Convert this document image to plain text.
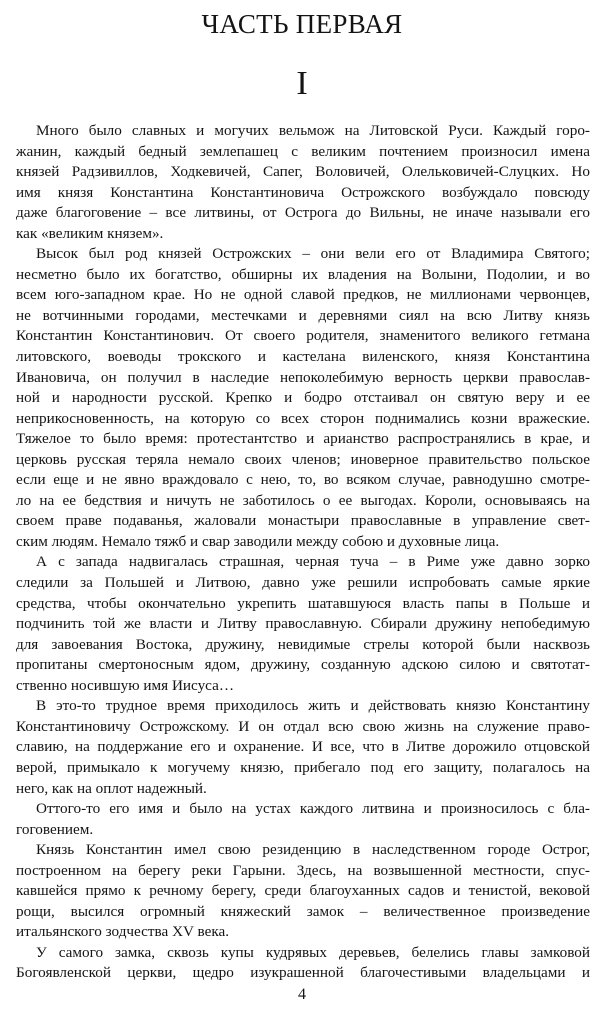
ЧАСТЬ ПЕРВАЯ
I
Много было славных и могучих вельмож на Литовской Руси. Каждый горо-
жанин, каждый бедный землепашец с великим почтением произносил имена
князей Радзивиллов, Ходкевичей, Сапег, Воловичей, Олельковичей-Слуцких. Но
имя князя Константина Константиновича Острожского возбуждало повсюду
даже благоговение – все литвины, от Острога до Вильны, не иначе называли его
как «великим князем».
Высок был род князей Острожских – они вели его от Владимира Святого;
несметно было их богатство, обширны их владения на Волыни, Подолии, и во
всем юго-западном крае. Но не одной славой предков, не миллионами червонцев,
не вотчинными городами, местечками и деревнями сиял на всю Литву князь
Константин Константинович. От своего родителя, знаменитого великого гетмана
литовского, воеводы трокского и кастелана виленского, князя Константина
Ивановича, он получил в наследие непоколебимую верность церкви православ-
ной и народности русской. Крепко и бодро отстаивал он святую веру и ее
неприкосновенность, на которую со всех сторон поднимались козни вражеские.
Тяжелое то было время: протестантство и арианство распространялись в крае, и
церковь русская теряла немало своих членов; иноверное правительство польское
если еще и не явно враждовало с нею, то, во всяком случае, равнодушно смотре-
ло на ее бедствия и ничуть не заботилось о ее выгодах. Короли, основываясь на
своем праве подаванья, жаловали монастыри православные в управление свет-
ским людям. Немало тяжб и свар заводили между собою и духовные лица.
А с запада надвигалась страшная, черная туча – в Риме уже давно зорко
следили за Польшей и Литвою, давно уже решили испробовать самые яркие
средства, чтобы окончательно укрепить шатавшуюся власть папы в Польше и
подчинить той же власти и Литву православную. Сбирали дружину непобедимую
для завоевания Востока, дружину, невидимые стрелы которой были насквозь
пропитаны смертоносным ядом, дружину, созданную адскою силою и святотат-
ственно носившую имя Иисуса…
В это-то трудное время приходилось жить и действовать князю Константину
Константиновичу Острожскому. И он отдал всю свою жизнь на служение право-
славию, на поддержание его и охранение. И все, что в Литве дорожило отцовской
верой, примыкало к могучему князю, прибегало под его защиту, полагалось на
него, как на оплот надежный.
Оттого-то его имя и было на устах каждого литвина и произносилось с бла-
гоговением.
Князь Константин имел свою резиденцию в наследственном городе Острог,
построенном на берегу реки Гарыни. Здесь, на возвышенной местности, спус-
кавшейся прямо к речному берегу, среди благоуханных садов и тенистой, вековой
рощи, высился огромный княжеский замок – величественное произведение
итальянского зодчества XV века.
У самого замка, сквозь купы кудрявых деревьев, белелись главы замковой
Богоявленской церкви, щедро изукрашенной благочестивыми владельцами и
4
